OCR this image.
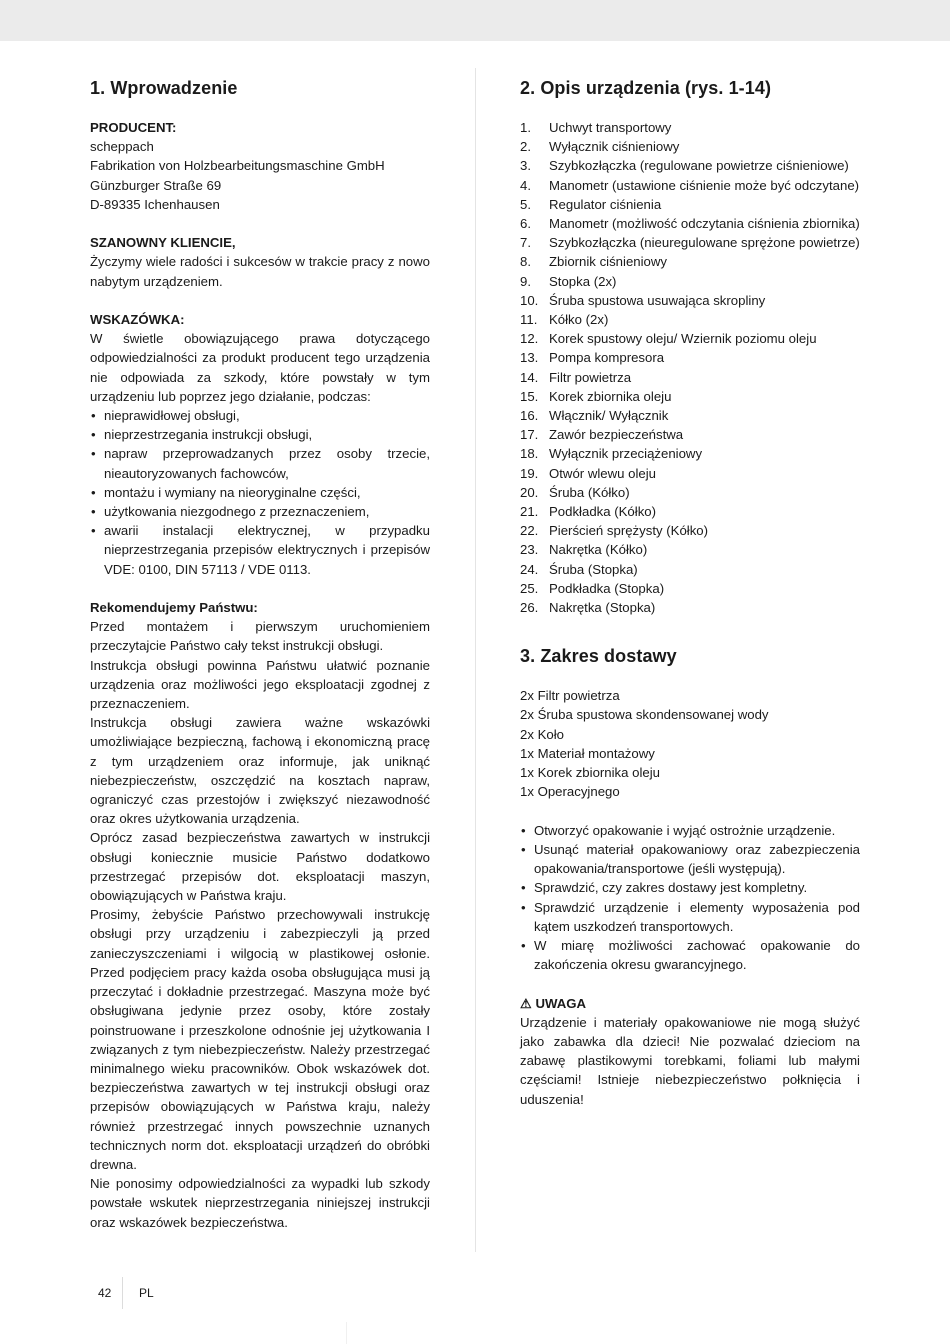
1. Wprowadzenie

PRODUCENT:

scheppach

Fabrikation von Holzbearbeitungsmaschine GmbH

Günzburger Straße 69

D-89335 Ichenhausen

SZANOWNY KLIENCIE,

Życzymy wiele radości i sukcesów w trakcie pracy z nowo nabytym urządzeniem.

WSKAZÓWKA:

W świetle obowiązującego prawa dotyczącego odpowiedzialności za produkt producent tego urządzenia nie odpowiada za szkody, które powstały w tym urządzeniu lub poprzez jego działanie, podczas:

• nieprawidłowej obsługi,
• nieprzestrzegania instrukcji obsługi,
• napraw przeprowadzanych przez osoby trzecie, nieautoryzowanych fachowców,
• montażu i wymiany na nieoryginalne części,
• użytkowania niezgodnego z przeznaczeniem,
• awarii instalacji elektrycznej, w przypadku nieprzestrzegania przepisów elektrycznych i przepisów VDE: 0100, DIN 57113 / VDE 0113.

Rekomendujemy Państwu:

Przed montażem i pierwszym uruchomieniem przeczytajcie Państwo cały tekst instrukcji obsługi.

Instrukcja obsługi powinna Państwu ułatwić poznanie urządzenia oraz możliwości jego eksploatacji zgodnej z przeznaczeniem.

Instrukcja obsługi zawiera ważne wskazówki umożliwiające bezpieczną, fachową i ekonomiczną pracę z tym urządzeniem oraz informuje, jak uniknąć niebezpieczeństw, oszczędzić na kosztach napraw, ograniczyć czas przestojów i zwiększyć niezawodność oraz okres użytkowania urządzenia.

Oprócz zasad bezpieczeństwa zawartych w instrukcji obsługi koniecznie musicie Państwo dodatkowo przestrzegać przepisów dot. eksploatacji maszyn, obowiązujących w Państwa kraju.

Prosimy, żebyście Państwo przechowywali instrukcję obsługi przy urządzeniu i zabezpieczyli ją przed zanieczyszczeniami i wilgocią w plastikowej osłonie. Przed podjęciem pracy każda osoba obsługująca musi ją przeczytać i dokładnie przestrzegać. Maszyna może być obsługiwana jedynie przez osoby, które zostały poinstruowane i przeszkolone odnośnie jej użytkowania I związanych z tym niebezpieczeństw. Należy przestrzegać minimalnego wieku pracowników. Obok wskazówek dot. bezpieczeństwa zawartych w tej instrukcji obsługi oraz przepisów obowiązujących w Państwa kraju, należy również przestrzegać innych powszechnie uznanych technicznych norm dot. eksploatacji urządzeń do obróbki drewna.

Nie ponosimy odpowiedzialności za wypadki lub szkody powstałe wskutek nieprzestrzegania niniejszej instrukcji oraz wskazówek bezpieczeństwa.

2. Opis urządzenia (rys. 1-14)
1. Uchwyt transportowy
2. Wyłącznik ciśnieniowy
3. Szybkozłączka (regulowane powietrze ciśnieniowe)
4. Manometr (ustawione ciśnienie może być odczytane)
5. Regulator ciśnienia
6. Manometr (możliwość odczytania ciśnienia zbiornika)
7. Szybkozłączka (nieuregulowane sprężone powietrze)
8. Zbiornik ciśnieniowy
9. Stopka (2x)
10. Śruba spustowa usuwająca skropliny
11. Kółko (2x)
12. Korek spustowy oleju/ Wziernik poziomu oleju
13. Pompa kompresora
14. Filtr powietrza
15. Korek zbiornika oleju
16. Włącznik/ Wyłącznik
17. Zawór bezpieczeństwa
18. Wyłącznik przeciążeniowy
19. Otwór wlewu oleju
20. Śruba (Kółko)
21. Podkładka (Kółko)
22. Pierścień sprężysty (Kółko)
23. Nakrętka (Kółko)
24. Śruba (Stopka)
25. Podkładka (Stopka)
26. Nakrętka (Stopka)
3. Zakres dostawy
2x Filtr powietrza
2x Śruba spustowa skondensowanej wody
2x Koło
1x Materiał montażowy
1x Korek zbiornika oleju
1x Operacyjnego
• Otworzyć opakowanie i wyjąć ostrożnie urządzenie.
• Usunąć materiał opakowaniowy oraz zabezpieczenia opakowania/transportowe (jeśli występują).
• Sprawdzić, czy zakres dostawy jest kompletny.
• Sprawdzić urządzenie i elementy wyposażenia pod kątem uszkodzeń transportowych.
• W miarę możliwości zachować opakowanie do zakończenia okresu gwarancyjnego.
⚠ UWAGA

Urządzenie i materiały opakowaniowe nie mogą służyć jako zabawka dla dzieci! Nie pozwalać dzieciom na zabawę plastikowymi torebkami, foliami lub małymi częściami! Istnieje niebezpieczeństwo połknięcia i uduszenia!

42 PL
